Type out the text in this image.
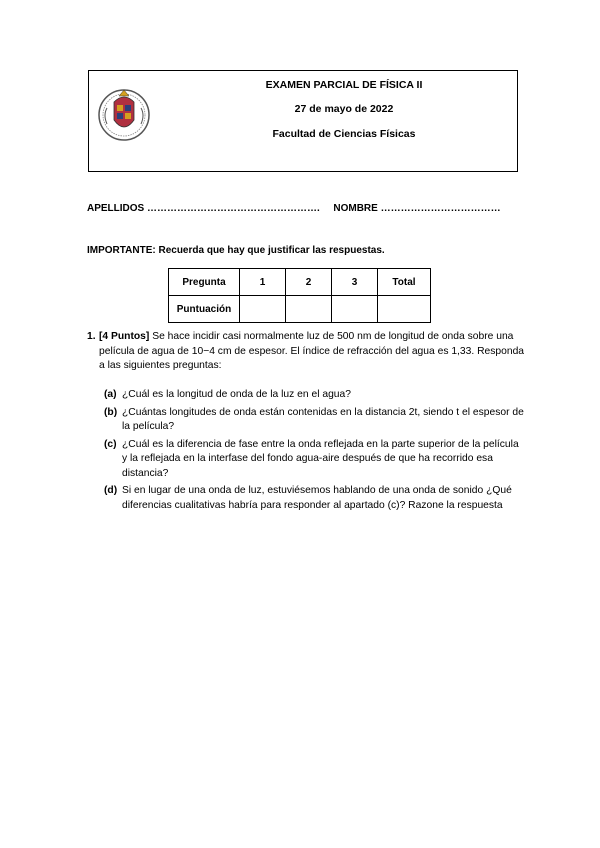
EXAMEN PARCIAL DE FÍSICA II
27 de mayo de 2022
Facultad de Ciencias Físicas
APELLIDOS ……………………………………………. NOMBRE ………………………………
IMPORTANTE: Recuerda que hay que justificar las respuestas.
Pregunta	1	2	3	Total
Puntuación				
1. [4 Puntos] Se hace incidir casi normalmente luz de 500 nm de longitud de onda sobre una película de agua de 10−4 cm de espesor. El índice de refracción del agua es 1,33. Responda a las siguientes preguntas:
(a) ¿Cuál es la longitud de onda de la luz en el agua?
(b) ¿Cuántas longitudes de onda están contenidas en la distancia 2t, siendo t el espesor de la película?
(c) ¿Cuál es la diferencia de fase entre la onda reflejada en la parte superior de la película y la reflejada en la interfase del fondo agua-aire después de que ha recorrido esa distancia?
(d) Si en lugar de una onda de luz, estuviésemos hablando de una onda de sonido ¿Qué diferencias cualitativas habría para responder al apartado (c)? Razone la respuesta
